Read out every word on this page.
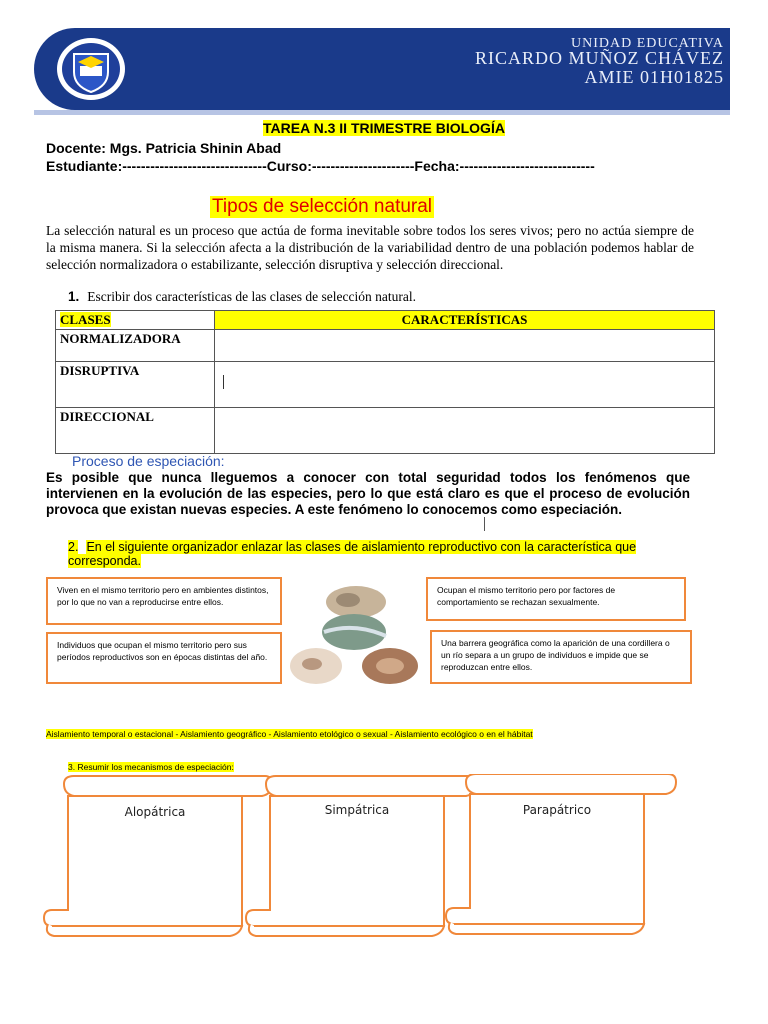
UNIDAD EDUCATIVA
RICARDO MUÑOZ CHÁVEZ
AMIE 01H01825
TAREA N.3 II TRIMESTRE BIOLOGÍA
Docente: Mgs. Patricia Shinin Abad
Estudiante:-------------------------------Curso:----------------------Fecha:-----------------------------
Tipos de selección natural
La selección natural es un proceso que actúa de forma inevitable sobre todos los seres vivos; pero no actúa siempre de la misma manera. Si la selección afecta a la distribución de la variabilidad dentro de una población podemos hablar de selección normalizadora o estabilizante, selección disruptiva y selección direccional.
1. Escribir dos características de las clases de selección natural.
CLASES	CARACTERÍSTICAS
NORMALIZADORA	
DISRUPTIVA	
DIRECCIONAL	
Proceso de especiación:
Es posible que nunca lleguemos a conocer con total seguridad todos los fenómenos que intervienen en la evolución de las especies, pero lo que está claro es que el proceso de evolución provoca que existan nuevas especies. A este fenómeno lo conocemos como especiación.
2. En el siguiente organizador enlazar las clases de aislamiento reproductivo con la característica que corresponda.
Viven en el mismo territorio pero en ambientes distintos, por lo que no van a reproducirse entre ellos.
Individuos que ocupan el mismo territorio pero sus períodos reproductivos son en épocas distintas del año.
Ocupan el mismo territorio pero por factores de comportamiento se rechazan sexualmente.
Una barrera geográfica como la aparición de una cordillera o un río separa a un grupo de individuos e impide que se reproduzcan entre ellos.
Aislamiento temporal o estacional - Aislamiento geográfico - Aislamiento etológico o sexual - Aislamiento ecológico o en el hábitat
3. Resumir los mecanismos de especiación:
Alopátrica	Simpátrica	Parapátrico
